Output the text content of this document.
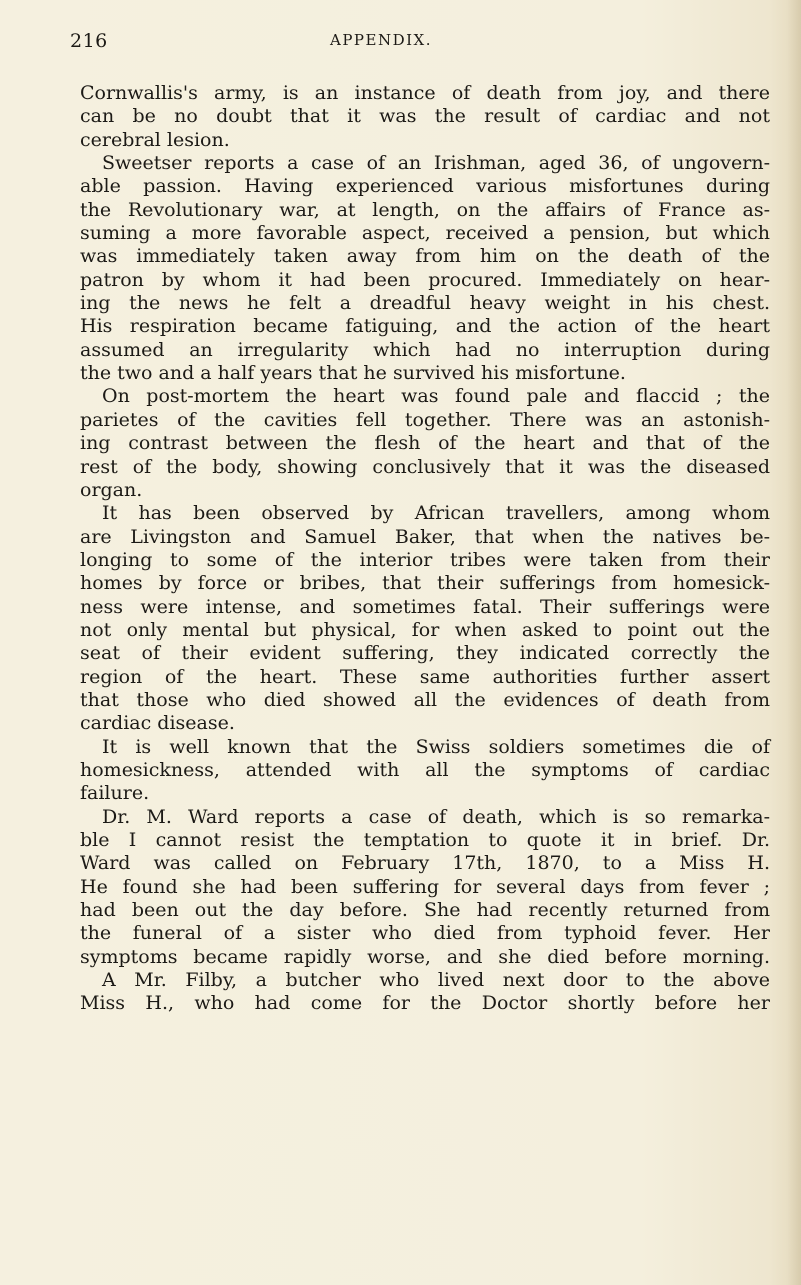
216	APPENDIX.
Cornwallis's army, is an instance of death from joy, and there
can be no doubt that it was the result of cardiac and not
cerebral lesion.
Sweetser reports a case of an Irishman, aged 36, of ungovern-
able passion. Having experienced various misfortunes during
the Revolutionary war, at length, on the affairs of France as-
suming a more favorable aspect, received a pension, but which
was immediately taken away from him on the death of the
patron by whom it had been procured. Immediately on hear-
ing the news he felt a dreadful heavy weight in his chest.
His respiration became fatiguing, and the action of the heart
assumed an irregularity which had no interruption during
the two and a half years that he survived his misfortune.
On post-mortem the heart was found pale and flaccid ; the
parietes of the cavities fell together. There was an astonish-
ing contrast between the flesh of the heart and that of the
rest of the body, showing conclusively that it was the diseased
organ.
It has been observed by African travellers, among whom
are Livingston and Samuel Baker, that when the natives be-
longing to some of the interior tribes were taken from their
homes by force or bribes, that their sufferings from homesick-
ness were intense, and sometimes fatal. Their sufferings were
not only mental but physical, for when asked to point out the
seat of their evident suffering, they indicated correctly the
region of the heart. These same authorities further assert
that those who died showed all the evidences of death from
cardiac disease.
It is well known that the Swiss soldiers sometimes die of
homesickness, attended with all the symptoms of cardiac
failure.
Dr. M. Ward reports a case of death, which is so remarka-
ble I cannot resist the temptation to quote it in brief. Dr.
Ward was called on February 17th, 1870, to a Miss H.
He found she had been suffering for several days from fever ;
had been out the day before. She had recently returned from
the funeral of a sister who died from typhoid fever. Her
symptoms became rapidly worse, and she died before morning.
A Mr. Filby, a butcher who lived next door to the above
Miss H., who had come for the Doctor shortly before her
